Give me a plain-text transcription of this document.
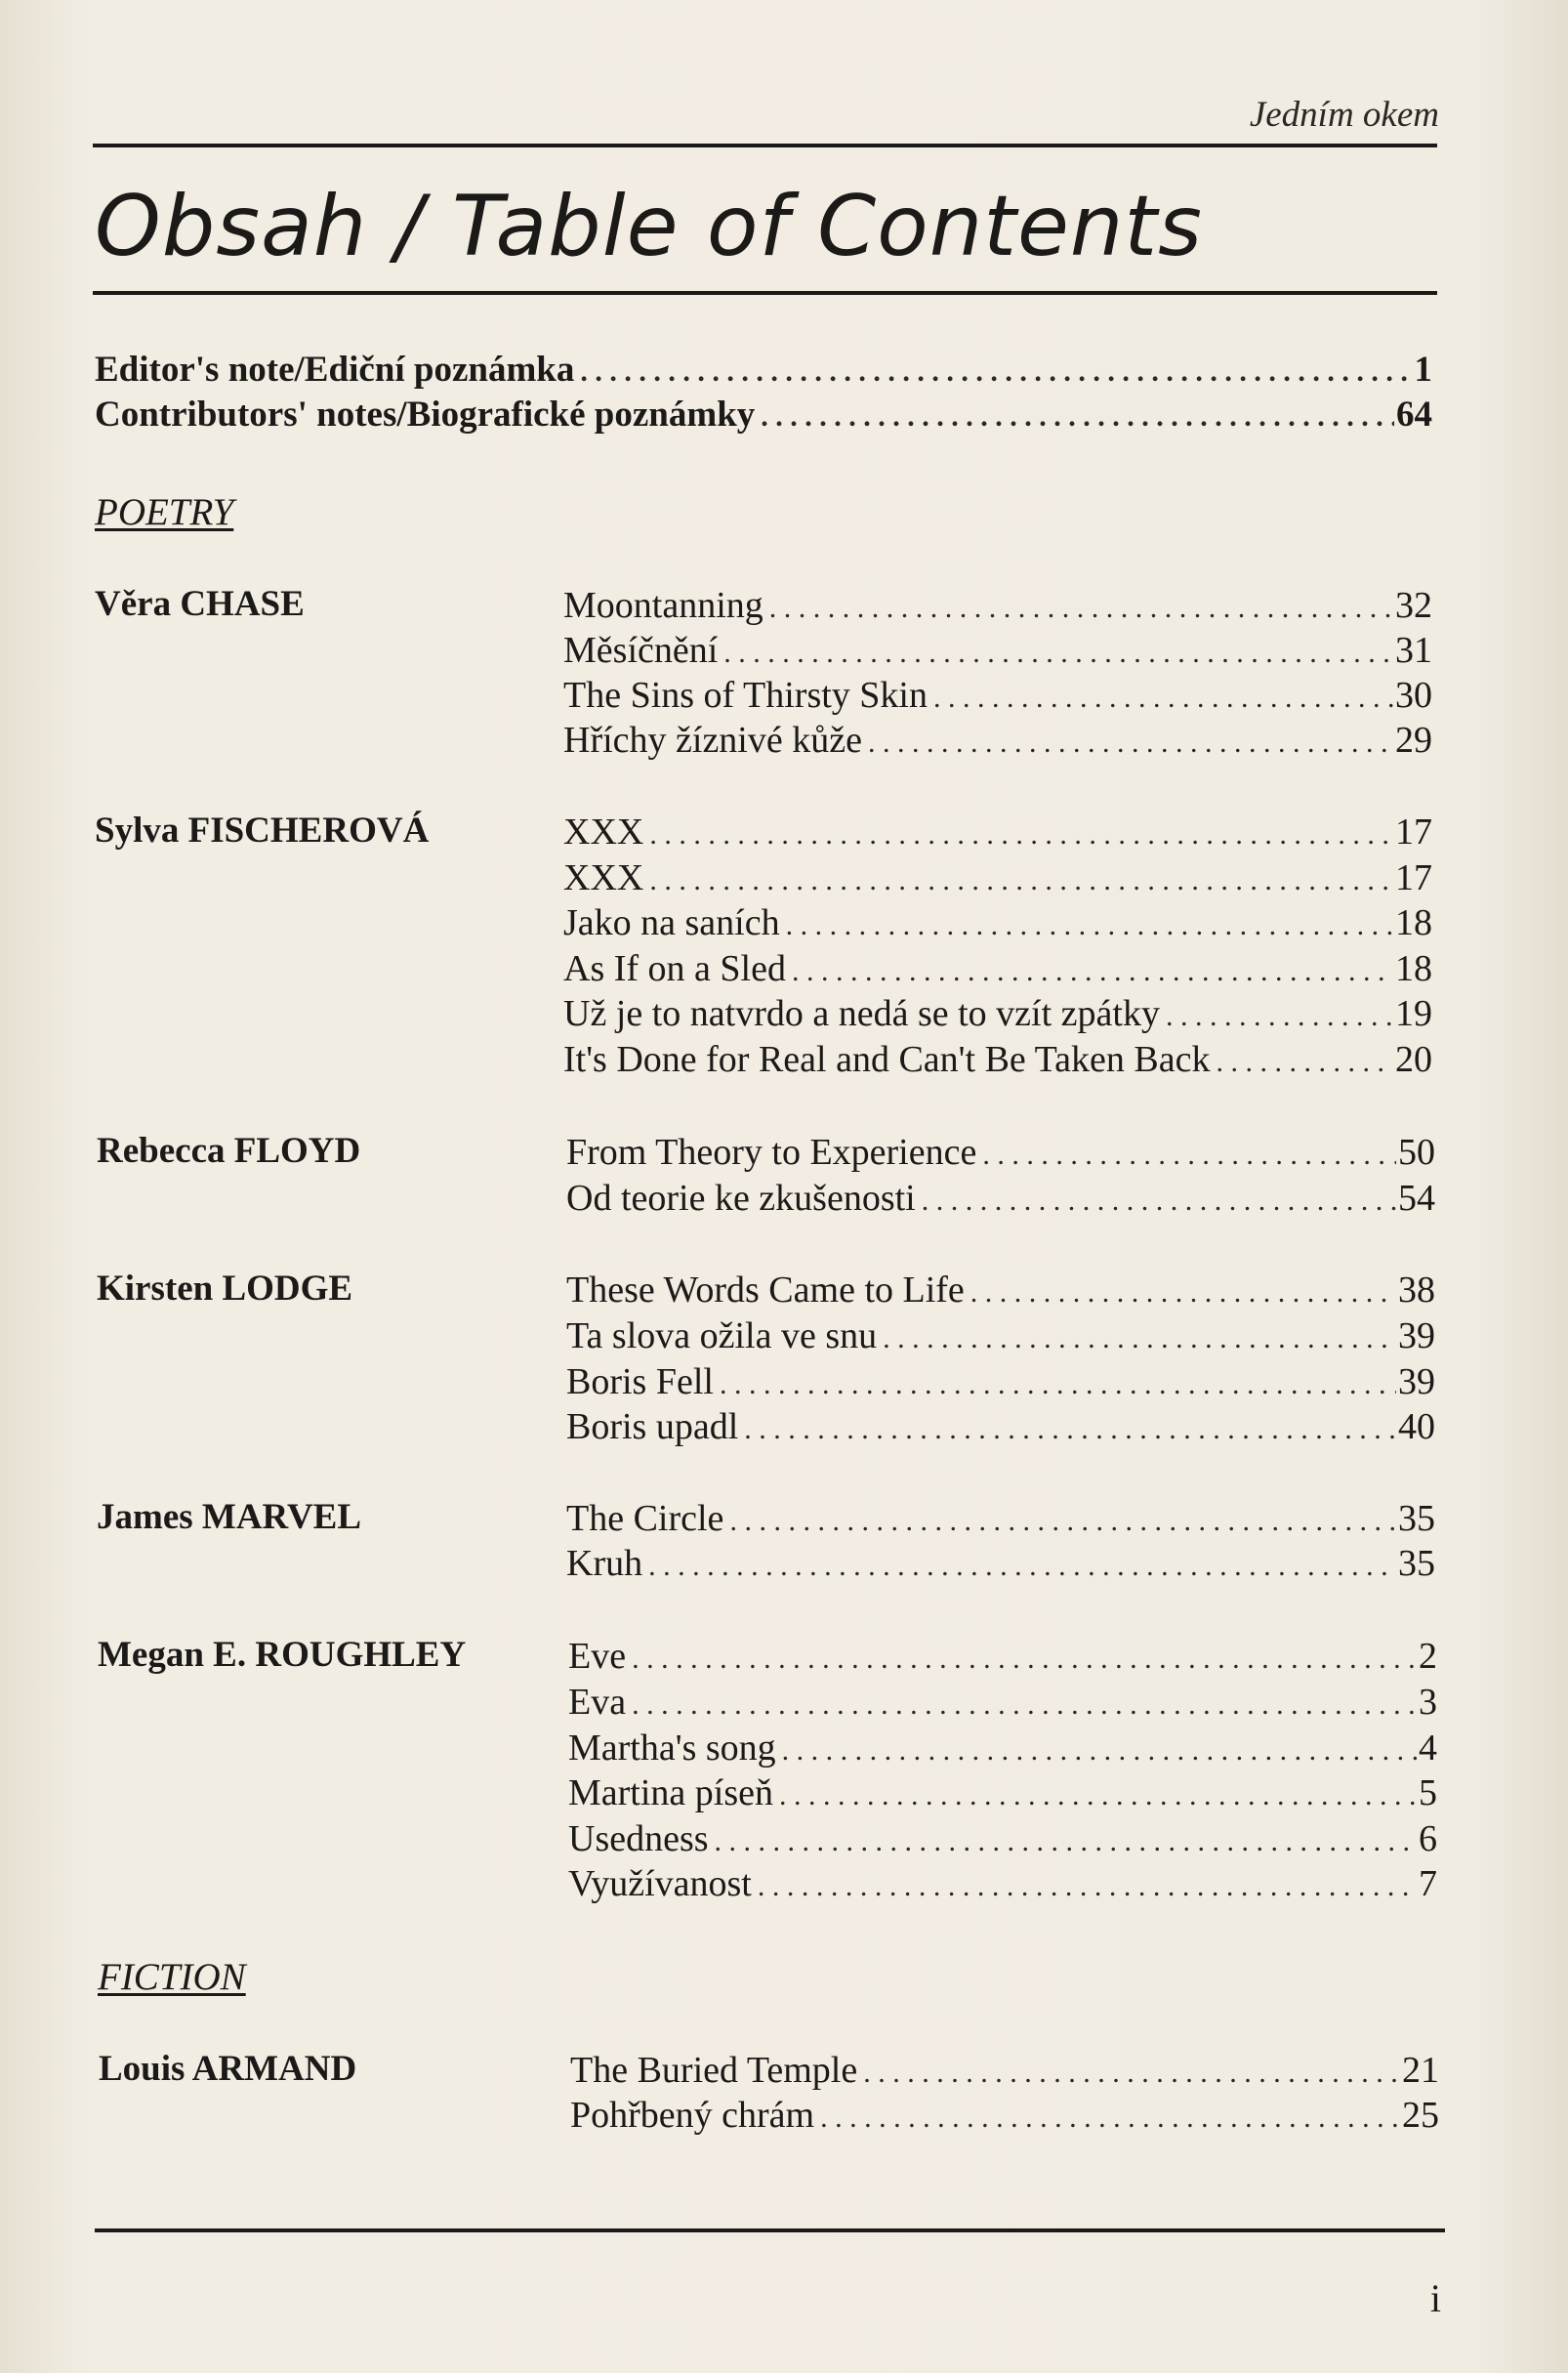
Jedním okem
Obsah / Table of Contents
Editor's note/Ediční poznámka . . .	1
Contributors' notes/Biografické poznámky . . .	64
POETRY
Věra CHASE	Moontanning . . .	32
Měsíčnění . . .	31
The Sins of Thirsty Skin . . .	30
Hříchy žíznivé kůže . . .	29
Sylva FISCHEROVÁ	XXX . . .	17
XXX . . .	17
Jako na saních . . .	18
As If on a Sled . . .	18
Už je to natvrdo a nedá se to vzít zpátky . . .	19
It's Done for Real and Can't Be Taken Back . . .	20
Rebecca FLOYD	From Theory to Experience . . .	50
Od teorie ke zkušenosti . . .	54
Kirsten LODGE	These Words Came to Life . . .	38
Ta slova ožila ve snu . . .	39
Boris Fell . . .	39
Boris upadl . . .	40
James MARVEL	The Circle . . .	35
Kruh . . .	35
Megan E. ROUGHLEY	Eve . . .	2
Eva . . .	3
Martha's song . . .	4
Martina píseň . . .	5
Usedness . . .	6
Využívanost . . .	7
FICTION
Louis ARMAND	The Buried Temple . . .	21
Pohřbený chrám . . .	25
i
